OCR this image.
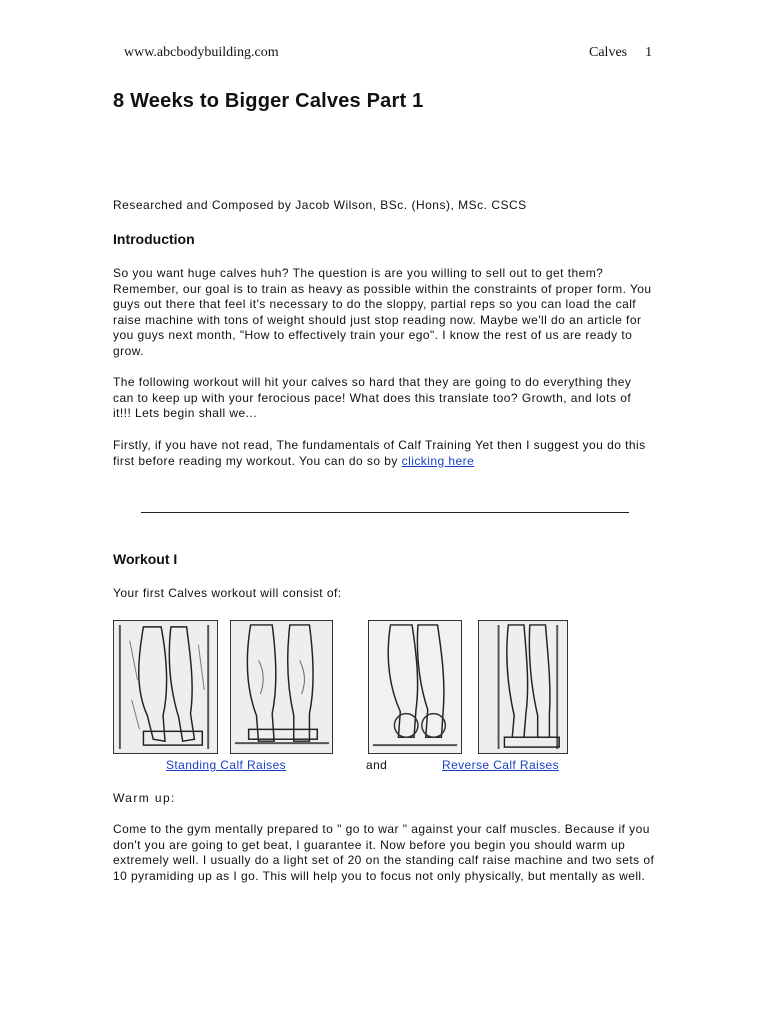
www.abcbodybuilding.com	Calves 1
8 Weeks to Bigger Calves Part 1
Researched and Composed by Jacob Wilson, BSc. (Hons), MSc. CSCS
Introduction

So you want huge calves huh? The question is are you willing to sell out to get them? Remember, our goal is to train as heavy as possible within the constraints of proper form. You guys out there that feel it's necessary to do the sloppy, partial reps so you can load the calf raise machine with tons of weight should just stop reading now. Maybe we'll do an article for you guys next month, "How to effectively train your ego". I know the rest of us are ready to grow.

The following workout will hit your calves so hard that they are going to do everything they can to keep up with your ferocious pace! What does this translate too? Growth, and lots of it!!! Lets begin shall we...

Firstly, if you have not read, The fundamentals of Calf Training Yet then I suggest you do this first before reading my workout. You can do so by clicking here

Workout I
Your first Calves workout will consist of:
Standing Calf Raises	and	Reverse Calf Raises
Warm up:

Come to the gym mentally prepared to " go to war " against your calf muscles. Because if you don't you are going to get beat, I guarantee it. Now before you begin you should warm up extremely well. I usually do a light set of 20 on the standing calf raise machine and two sets of 10 pyramiding up as I go. This will help you to focus not only physically, but mentally as well.
